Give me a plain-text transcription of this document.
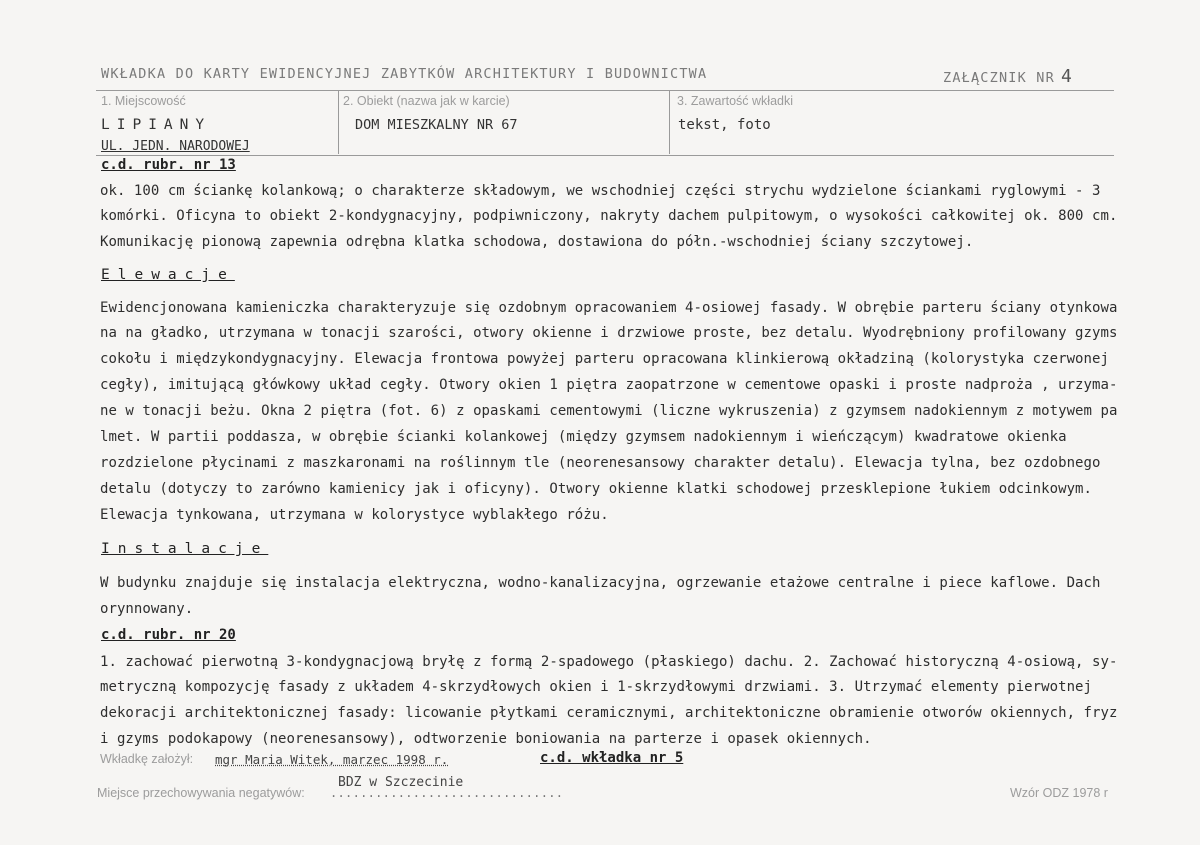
WKŁADKA DO KARTY EWIDENCYJNEJ ZABYTKÓW ARCHITEKTURY I BUDOWNICTWA	ZAŁĄCZNIK NR 4
1. Miejscowość
LIPIANY
UL. JEDN. NARODOWEJ
2. Obiekt (nazwa jak w karcie)
DOM MIESZKALNY NR 67
3. Zawartość wkładki
tekst, foto
c.d. rubr. nr 13
ok. 100 cm ściankę kolankową; o charakterze składowym, we wschodniej części strychu wydzielone ściankami ryglowymi - 3
komórki. Oficyna to obiekt 2-kondygnacyjny, podpiwniczony, nakryty dachem pulpitowym, o wysokości całkowitej ok. 800 cm.
Komunikację pionową zapewnia odrębna klatka schodowa, dostawiona do półn.-wschodniej ściany szczytowej.
Elewacje
Ewidencjonowana kamieniczka charakteryzuje się ozdobnym opracowaniem 4-osiowej fasady. W obrębie parteru ściany otynkowa
na na gładko, utrzymana w tonacji szarości, otwory okienne i drzwiowe proste, bez detalu. Wyodrębniony profilowany gzyms
cokołu i międzykondygnacyjny. Elewacja frontowa powyżej parteru opracowana klinkierową okładziną (kolorystyka czerwonej
cegły), imitującą główkowy układ cegły. Otwory okien 1 piętra zaopatrzone w cementowe opaski i proste nadproża , urzyma-
ne w tonacji beżu. Okna 2 piętra (fot. 6) z opaskami cementowymi (liczne wykruszenia) z gzymsem nadokiennym z motywem pa
lmet. W partii poddasza, w obrębie ścianki kolankowej (między gzymsem nadokiennym i wieńczącym) kwadratowe okienka
rozdzielone płycinami z maszkaronami na roślinnym tle (neorenesansowy charakter detalu). Elewacja tylna, bez ozdobnego
detalu (dotyczy to zarówno kamienicy jak i oficyny). Otwory okienne klatki schodowej przesklepione łukiem odcinkowym.
Elewacja tynkowana, utrzymana w kolorystyce wyblakłego różu.
Instalacje
W budynku znajduje się instalacja elektryczna, wodno-kanalizacyjna, ogrzewanie etażowe centralne i piece kaflowe. Dach
orynnowany.
c.d. rubr. nr 20
1. zachować pierwotną 3-kondygnacjową bryłę z formą 2-spadowego (płaskiego) dachu. 2. Zachować historyczną 4-osiową, sy-
metryczną kompozycję fasady z układem 4-skrzydłowych okien i 1-skrzydłowymi drzwiami. 3. Utrzymać elementy pierwotnej
dekoracji architektonicznej fasady: licowanie płytkami ceramicznymi, architektoniczne obramienie otworów okiennych, fryz
i gzyms podokapowy (neorenesansowy), odtworzenie boniowania na parterze i opasek okiennych.
Wkładkę założył: mgr Maria Witek, marzec 1998 r.	c.d. wkładka nr 5
BDZ w Szczecinie
Miejsce przechowywania negatywów: ...............................	Wzór ODZ 1978 r
